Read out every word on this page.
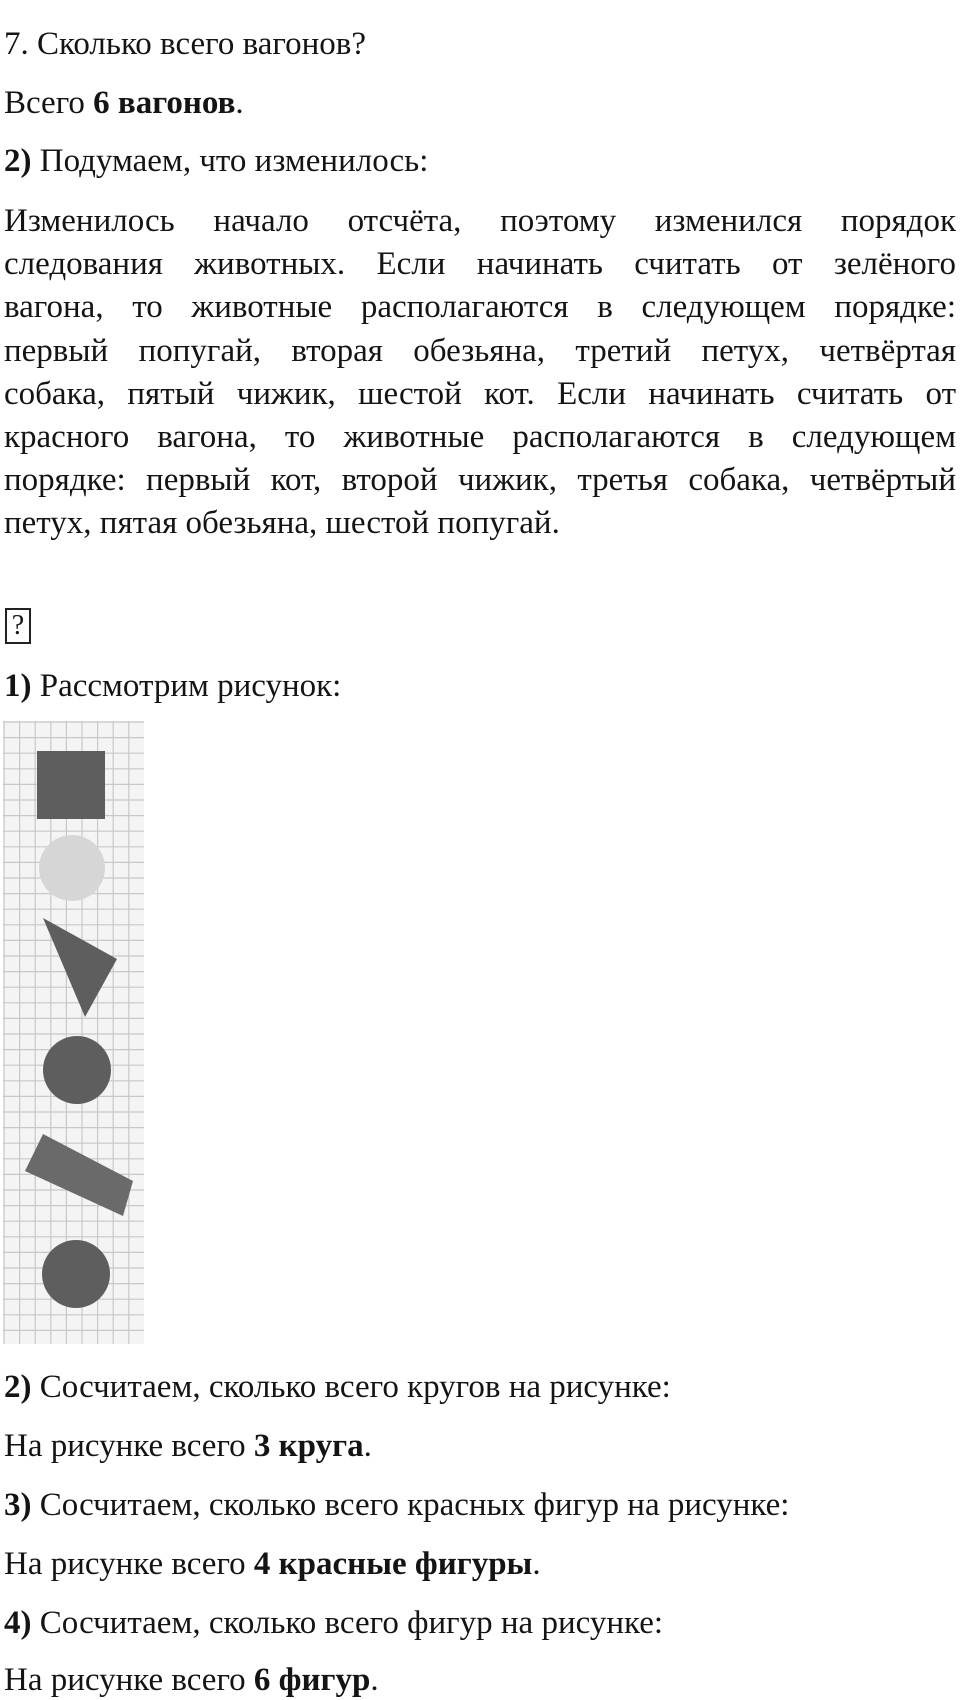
7. Сколько всего вагонов?
Всего 6 вагонов.
2) Подумаем, что изменилось:
Изменилось начало отсчёта, поэтому изменился порядок
следования животных. Если начинать считать от зелёного
вагона, то животные располагаются в следующем порядке:
первый попугай, вторая обезьяна, третий петух, четвёртая
собака, пятый чижик, шестой кот. Если начинать считать от
красного вагона, то животные располагаются в следующем
порядке: первый кот, второй чижик, третья собака, четвёртый
петух, пятая обезьяна, шестой попугай.
?
1) Рассмотрим рисунок:
2) Сосчитаем, сколько всего кругов на рисунке:
На рисунке всего 3 круга.
3) Сосчитаем, сколько всего красных фигур на рисунке:
На рисунке всего 4 красные фигуры.
4) Сосчитаем, сколько всего фигур на рисунке:
На рисунке всего 6 фигур.
